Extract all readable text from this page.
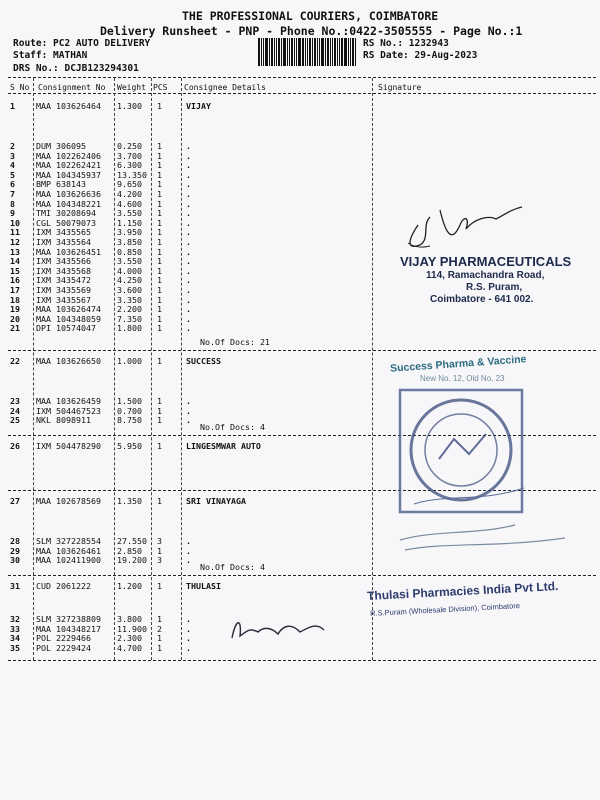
THE PROFESSIONAL COURIERS, COIMBATORE
Delivery Runsheet - PNP - Phone No.:0422-3505555 - Page No.:1
Route: PC2 AUTO DELIVERY
Staff: MATHAN
DRS No.: DCJB123294301
RS No.: 1232943
RS Date: 29-Aug-2023
S No Consignment No Weight PCS Consignee Details	Signature
1	MAA 103626464 1.300 1	VIJAY
2	DUM 306095	0.250 1	.
3	MAA 102262406 3.700 1	.
4	MAA 102262421 6.300 1	.
5	MAA 104345937 13.350 1	.
6	BMP 638143	9.650 1	.
7	MAA 103626636 4.200 1	.
8	MAA 104348221 4.600 1	.
9	TMI 30208694	3.550 1	.
10 CGL 50079073	1.150 1	.
11 IXM 3435565	3.950 1	.
12 IXM 3435564	3.850 1	.
13 MAA 103626451 0.850 1	.
14 IXM 3435566	3.550 1	.
15 IXM 3435568	4.000 1	.
16 IXM 3435472	4.250 1	.
17 IXM 3435569	3.600 1	.
18 IXM 3435567	3.350 1	.
19 MAA 103626474 2.200 1	.
20 MAA 104348059 7.350 1	.
21 DPI 10574047	1.800 1	.
No.Of Docs: 21
22 MAA 103626650 1.000 1	SUCCESS
23 MAA 103626459 1.500 1	.
24 IXM 504467523 0.700 1	.
25 NKL 8098911	8.750 1	.
No.Of Docs: 4
26 IXM 504478290 5.950 1	LINGESMWAR AUTO
27 MAA 102678569 1.350 1	SRI VINAYAGA
28 SLM 327228554 27.550 3	.
29 MAA 103626461 2.850 1	.
30 MAA 102411900 19.200 3	.
No.Of Docs: 4
31 CUD 2061222	1.200 1	THULASI
32 SLM 327238809 3.800 1	.
33 MAA 104348217 11.900 2	.
34 POL 2229466	2.300 1	.
35 POL 2229424	4.700 1	.
VIJAY PHARMACEUTICALS
114, Ramachandra Road,
R.S. Puram,
Coimbatore - 641 002.
Success Pharma & Vaccine
New No. 12, Old No. 23
Thulasi Pharmacies India Pvt Ltd.
R.S.Puram (Wholesale Division), Coimbatore
